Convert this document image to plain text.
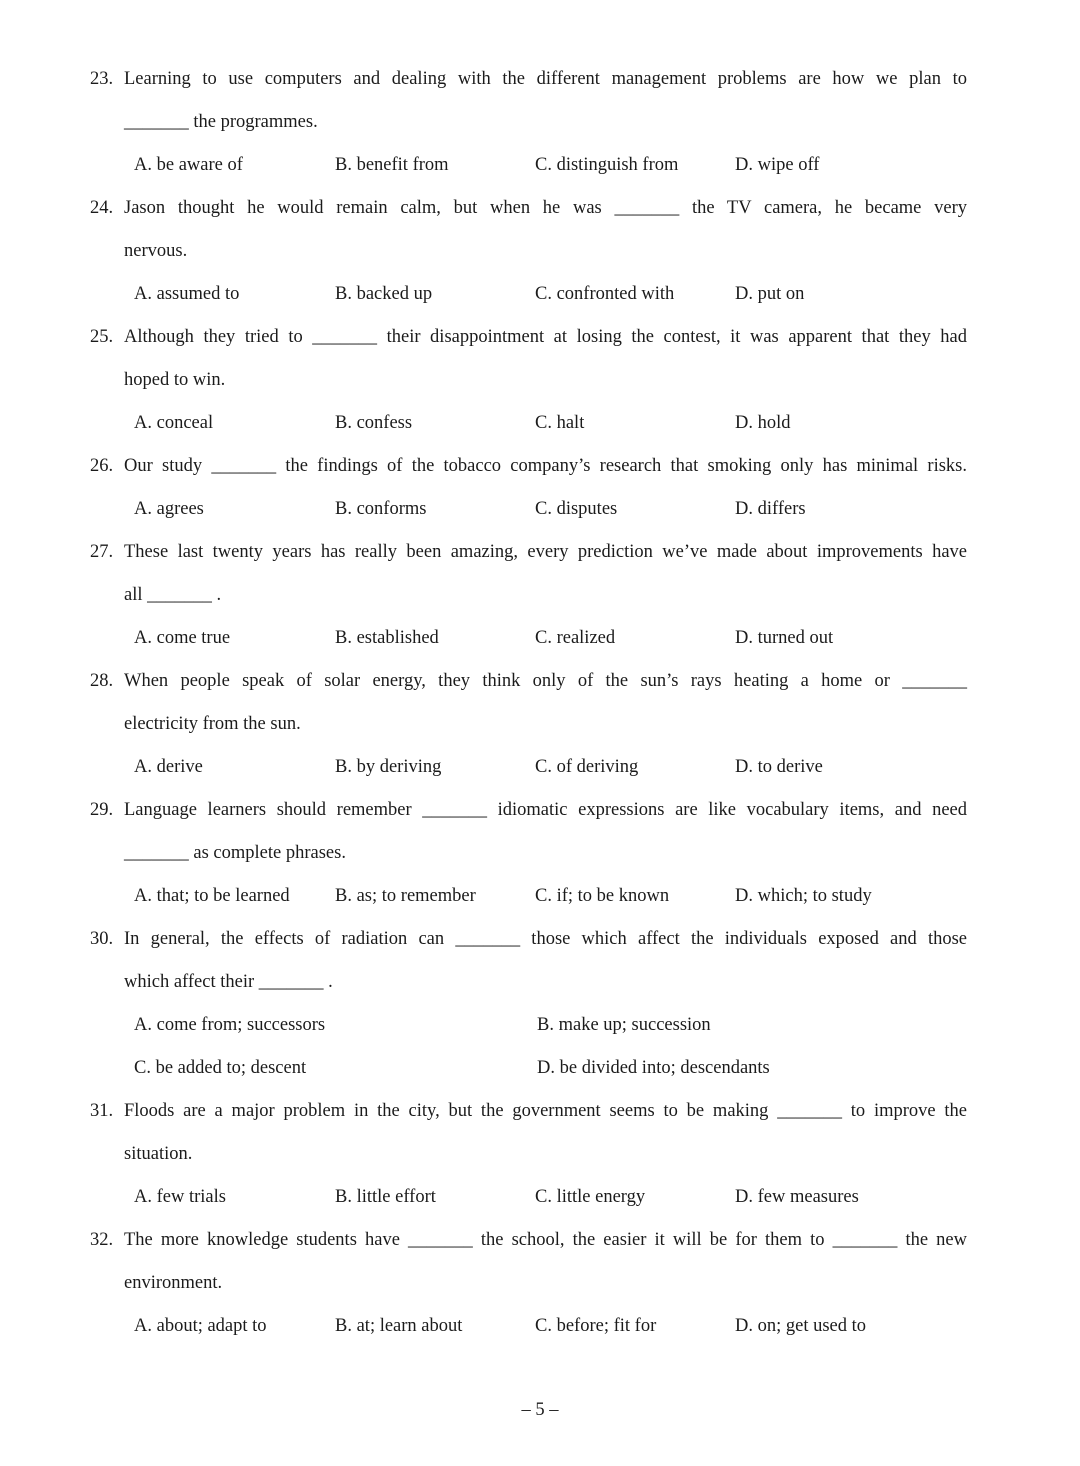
23. Learning to use computers and dealing with the different management problems are how we plan to
_______ the programmes.
A. be aware of	B. benefit from	C. distinguish from	D. wipe off
24. Jason thought he would remain calm, but when he was _______ the TV camera, he became very
nervous.
A. assumed to	B. backed up	C. confronted with	D. put on
25. Although they tried to _______ their disappointment at losing the contest, it was apparent that they had
hoped to win.
A. conceal	B. confess	C. halt	D. hold
26. Our study _______ the findings of the tobacco company’s research that smoking only has minimal risks.
A. agrees	B. conforms	C. disputes	D. differs
27. These last twenty years has really been amazing, every prediction we’ve made about improvements have
all _______ .
A. come true	B. established	C. realized	D. turned out
28. When people speak of solar energy, they think only of the sun’s rays heating a home or _______
electricity from the sun.
A. derive	B. by deriving	C. of deriving	D. to derive
29. Language learners should remember _______ idiomatic expressions are like vocabulary items, and need
_______ as complete phrases.
A. that; to be learned B. as; to remember	C. if; to be known	D. which; to study
30. In general, the effects of radiation can _______ those which affect the individuals exposed and those
which affect their _______ .
A. come from; successors	B. make up; succession
C. be added to; descent	D. be divided into; descendants
31. Floods are a major problem in the city, but the government seems to be making _______ to improve the
situation.
A. few trials	B. little effort	C. little energy	D. few measures
32. The more knowledge students have _______ the school, the easier it will be for them to _______ the new
environment.
A. about; adapt to	B. at; learn about	C. before; fit for	D. on; get used to
– 5 –
